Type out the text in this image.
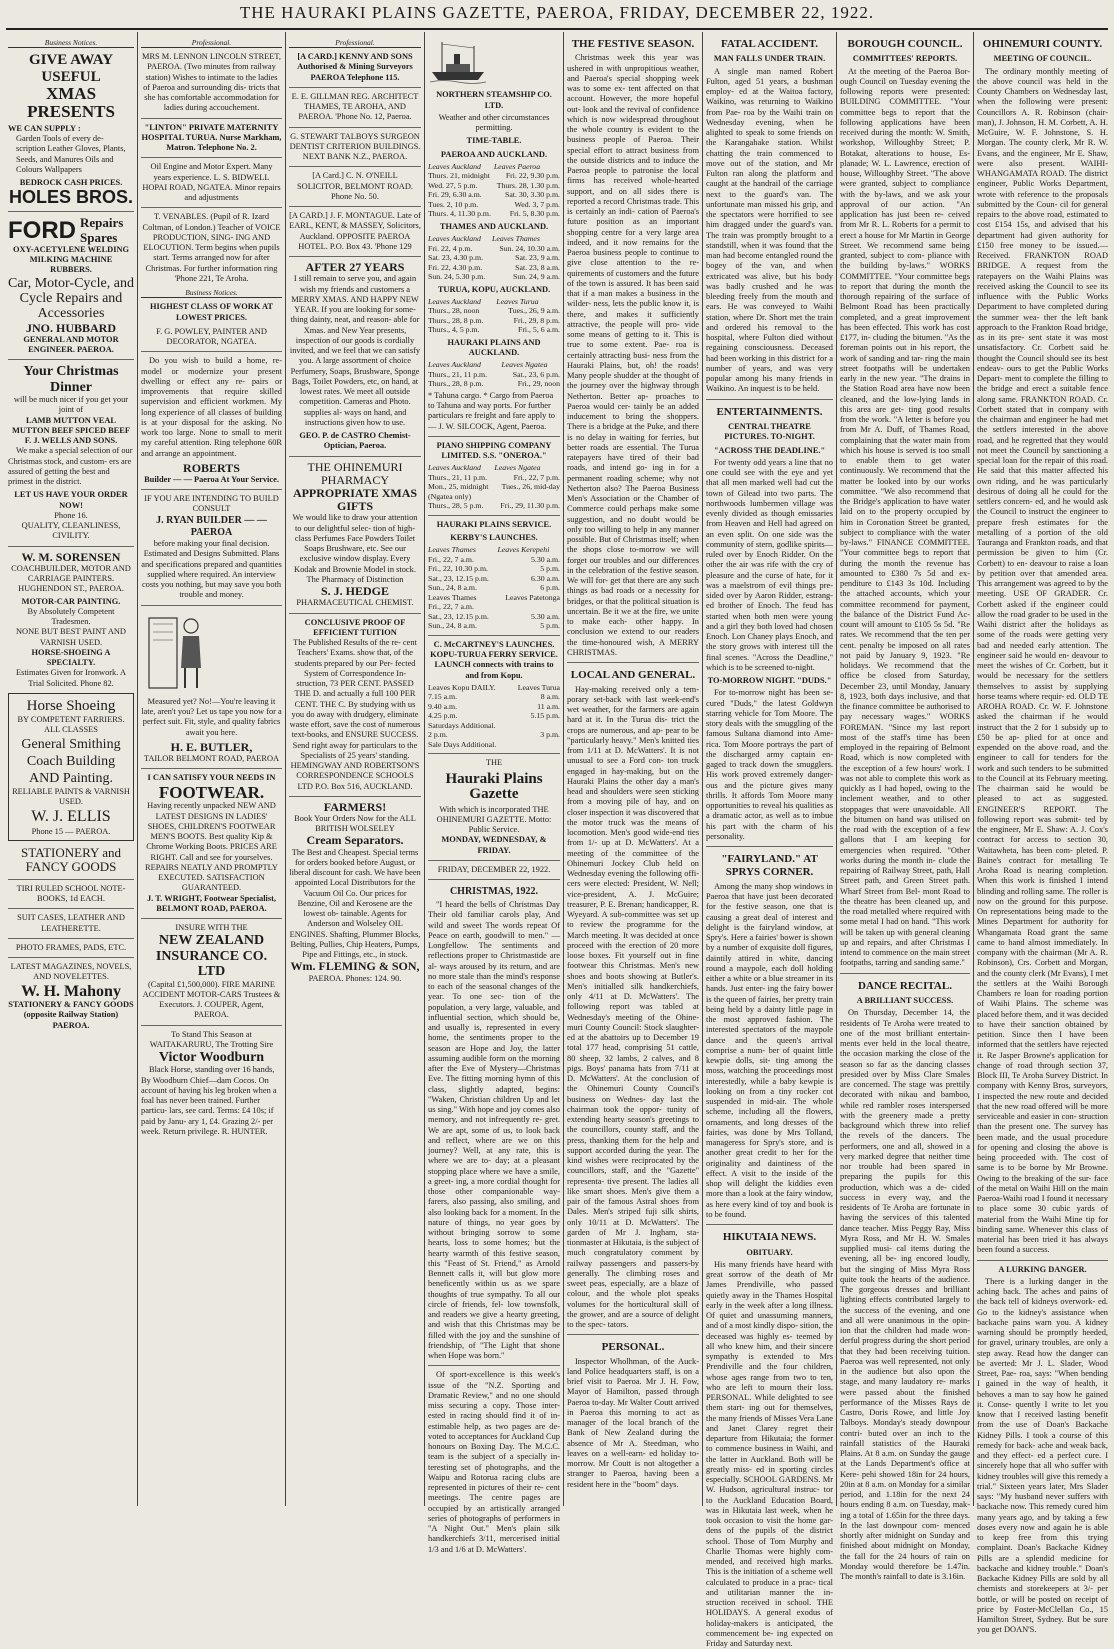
THE HAURAKI PLAINS GAZETTE, PAEROA, FRIDAY, DECEMBER 22, 1922.
Business Notices.
GIVE AWAY
USEFUL
XMAS PRESENTS
WE CAN SUPPLY :
Garden Tools of every de- scription Leather Gloves, Plants, Seeds, and Manures Oils and Colours Wallpapers
BEDROCK CASH PRICES.
HOLES BROS.
FORD Repairs Spares
OXY-ACETYLENE WELDING MILKING MACHINE RUBBERS.
Car, Motor-Cycle, and Cycle Repairs and Accessories
JNO. HUBBARD
GENERAL AND MOTOR ENGINEER. PAEROA.
Your Christmas Dinner
will be much nicer if you get your joint of
LAMB MUTTON VEAL MUTTON BEEF SPICED BEEF
F. J. WELLS AND SONS.

We make a special selection of our Christmas stock, and custom- ers are assured of getting the best and primest in the district.

LET US HAVE YOUR ORDER NOW!
Phone 16.
QUALITY, CLEANLINESS, CIVILITY.
W. M. SORENSEN
COACHBUILDER, MOTOR AND CARRIAGE PAINTERS. HUGHENDON ST., PAEROA.
MOTOR-CAR PAINTING.
By Absolutely Competent Tradesmen.
NONE BUT BEST PAINT AND VARNISH USED.
HORSE-SHOEING A SPECIALTY.
Estimates Given for Ironwork. A Trial Solicited. Phone 82.
Horse Shoeing
BY COMPETENT FARRIERS.
ALL CLASSES
General Smithing
Coach Building AND Painting.
RELIABLE PAINTS & VARNISH USED.
W. J. ELLIS
Phone 15 — PAEROA.
STATIONERY and FANCY GOODS
TIRI RULED SCHOOL NOTE- BOOKS, 1d EACH.
SUIT CASES, LEATHER AND LEATHERETTE.
PHOTO FRAMES, PADS, ETC.
LATEST MAGAZINES, NOVELS, AND NOVELETTES.
W. H. Mahony
STATIONERY & FANCY GOODS (opposite Railway Station) PAEROA.
Professional.
MRS M. LENNON LINCOLN STREET, PAEROA. (Two minutes from railway station) Wishes to intimate to the ladies of Paeroa and surrounding dis- tricts that she has comfortable accommodation for ladies during accouchement.
"LINTON" PRIVATE MATERNITY HOSPITAL TURUA. Nurse Markham, Matron. Telephone No. 2.
Oil Engine and Motor Expert. Many years experience. L. S. BIDWELL HOPAI ROAD, NGATEA. Minor repairs and adjustments
T. VENABLES. (Pupil of R. Izard Coltman, of London.) Teacher of VOICE PRODUCTION, SING- ING AND ELOCUTION. Term begins when pupils start. Terms arranged now for after Christmas. For further information ring 'Phone 221, Te Aroha.
Business Notices.
HIGHEST CLASS OF WORK AT LOWEST PRICES.
F. G. POWLEY, PAINTER AND DECORATOR, NGATEA.

Do you wish to build a home, re- model or modernize your present dwelling or effect any re- pairs or improvements that require skilled supervision and efficient workmen. My long experience of all classes of building is at your disposal for the asking. No work too large. None to small to merit my careful attention. Ring telephone 60R and arrange an appointment.

ROBERTS
Builder — — Paeroa At Your Service.
IF YOU ARE INTENDING TO BUILD CONSULT
J. RYAN BUILDER — — PAEROA
before making your final decision. Estimated and Designs Submitted. Plans and specifications prepared and quantities supplied where required. An interview costs you nothing, but may save you both trouble and money.

Measured yet? No!—You're leaving it late, aren't you? Let us tape you now for a perfect suit. Fit, style, and quality fabrics await you here.

H. E. BUTLER,
TAILOR BELMONT ROAD, PAEROA
I CAN SATISFY YOUR NEEDS IN
FOOTWEAR.
Having recently unpacked NEW AND LATEST DESIGNS IN LADIES' SHOES, CHILDREN'S FOOTWEAR MEN'S BOOTS. Best quality Kip & Chrome Working Boots. PRICES ARE RIGHT. Call and see for yourselves. REPAIRS NEATLY AND PROMPTLY EXECUTED. SATISFACTION GUARANTEED.
J. T. WRIGHT, Footwear Specialist, BELMONT ROAD, PAEROA.
INSURE WITH THE
NEW ZEALAND INSURANCE CO. LTD
(Capital £1,500,000). FIRE MARINE ACCIDENT MOTOR-CARS Trustees & Executors. J. COUPER, Agent, PAEROA.
To Stand This Season at WAITAKARURU, The Trotting Sire
Victor Woodburn

Black Horse, standing over 16 hands, By Woodburn Chief—dam Cocos. On account of having his leg broken when a foal has never been trained. Further particu- lars, see card. Terms: £4 10s; if paid by Janu- ary 1, £4. Grazing 2/- per week. Return privilege. R. HUNTER.

Professional.
[A CARD.] KENNY AND SONS Authorised & Mining Surveyors PAEROA Telephone 115.
E. E. GILLMAN REG. ARCHITECT THAMES, TE AROHA, AND PAEROA. 'Phone No. 12, Paeroa.
G. STEWART TALBOYS SURGEON DENTIST CRITERION BUILDINGS. NEXT BANK N.Z., PAEROA.
[A Card.] C. N. O'NEILL SOLICITOR, BELMONT ROAD. Phone No. 50.
[A CARD.] J. F. MONTAGUE. Late of EARL, KENT, & MASSEY, Solicitors, Auckland. OPPOSITE PAEROA HOTEL. P.O. Box 43. 'Phone 129
AFTER 27 YEARS
I still remain to serve you, and again wish my friends and customers a MERRY XMAS. AND HAPPY NEW YEAR. If you are looking for some- thing dainty, neat, and reason- able for Xmas. and New Year presents, inspection of our goods is cordially invited, and we feel that we can satisfy you. A large assortment of choice Perfumery, Soaps, Brushware, Sponge Bags, Toilet Powders, etc, on hand, at lowest rates. We meet all outside competition. Cameras and Photo. supplies al- ways on hand, and instructions given how to use.
GEO. P. de CASTRO Chemist-Optician, Paeroa.
THE OHINEMURI PHARMACY
APPROPRIATE XMAS GIFTS
We would like to draw your attention to our delightful selec- tion of high-class Perfumes Face Powders Toilet Soaps Brushware, etc. See our exclusive window display. Every Kodak and Brownie Model in stock. The Pharmacy of Distinction
S. J. HEDGE
PHARMACEUTICAL CHEMIST.
CONCLUSIVE PROOF OF EFFICIENT TUITION
The Published Results of the re- cent Teachers' Exams. show that, of the students prepared by our Per- fected System of Correspondence In- struction, 73 PER CENT. PASSED THE D. and actually a full 100 PER CENT. THE C. By studying with us you do away with drudgery, eliminate waste effort, save the cost of numerous text-books, and ENSURE SUCCESS. Send right away for particulars to the Specialists of 25 years' standing. HEMINGWAY AND ROBERTSON'S CORRESPONDENCE SCHOOLS LTD P.O. Box 516, AUCKLAND.
FARMERS!
Book Your Orders Now for the ALL BRITISH WOLSELEY
Cream Separators.
The Best and Cheapest. Special terms for orders booked before August, or liberal discount for cash. We have been appointed Local Distributors for the Vacuum Oil Co. Our prices for Benzine, Oil and Kerosene are the lowest ob- tainable. Agents for Anderson and Wolseley OIL ENGINES. Shafting, Plummer Blocks, Belting, Pullies, Chip Heaters, Pumps, Pipe and Fittings, etc., in stock.
Wm. FLEMING & SON,
PAEROA. Phones: 124. 90.
NORTHERN STEAMSHIP CO. LTD.
Weather and other circumstances permitting.
TIME-TABLE.
PAEROA AND AUCKLAND.
Leaves Auckland	Leaves Paeroa
Thurs. 21, midnight	Fri. 22, 9.30 p.m.
Wed. 27, 5 p.m.	Thurs. 28, 1.30 p.m.
Fri. 29, 6.30 a.m.	Sat. 30, 3.30 p.m.
Tues. 2, 10 p.m.	Wed. 3, 7 p.m.
Thurs. 4, 11.30 p.m.	Fri. 5, 8.30 p.m.
THAMES AND AUCKLAND.
Leaves Auckland	Leaves Thames
Fri. 22, 4 p.m.	Sun. 24, 10.30 a.m.
Sat. 23, 4.30 p.m.	Sat. 23, 9 a.m.
Fri. 22, 4.30 p.m.	Sat. 23, 8 a.m.
Sun. 24, 5.30 p.m.	Sun. 24, 9 a.m.
TURUA, KOPU, AUCKLAND.
Leaves Auckland	Leaves Turua
Thurs., 28, noon	Tues., 26, 9 a.m.
Thurs., 28, 8 p.m.	Fri., 29, 8 p.m.
Thurs., 4, 5 p.m.	Fri., 5, 6 a.m.
HAURAKI PLAINS AND AUCKLAND.
Leaves Auckland	Leaves Ngatea
Thurs., 21, 11 p.m.	Sat., 23, 6 p.m.
Thurs., 28, 8 p.m.	Fri., 29, noon
* Tahuna cargo. * Cargo from Paeroa to Tahuna and way ports. For further particulars re freight and fare apply to— J. W. SILCOCK, Agent, Paeroa.
PIANO SHIPPING COMPANY LIMITED. S.S. "ONEROA."
Leaves Auckland	Leaves Ngatea
Thurs., 21, 11 p.m.	Fri., 22, 7 p.m.
Mon., 25, midnight	Tues., 26, mid-day
(Ngatea only)	
Thurs., 28, 5 p.m.	Fri., 29, 11.30 p.m.
HAURAKI PLAINS SERVICE.
KERBY'S LAUNCHES.
Leaves Thames	Leaves Kerepehi
Fri., 22, 7 a.m.	5.30 a.m.
Fri., 22, 10.30 p.m.	5 p.m.
Sat., 23, 12.15 p.m.	6.30 a.m.
Sun., 24, 8 a.m.	6 p.m.
Leaves Thames	Leaves Patetonga
Fri., 22, 7 a.m.	
Sat., 23, 12.15 p.m.	5.30 a.m.
Sun., 24, 8 a.m.	5 p.m.
C. McCARTNEY'S LAUNCHES. KOPU-TURUA FERRY SERVICE. LAUNCH connects with trains to and from Kopu.
Leaves Kopu DAILY.	Leaves Turua
7.15 a.m.	8 a.m.
9.40 a.m.	11 a.m.
4.25 p.m.	5.15 p.m.
Saturdays Additional.	
2 p.m.	3 p.m.
Sale Days Additional.	
THE
Hauraki Plains Gazette
With which is incorporated THE OHINEMURI GAZETTE. Motto: Public Service.
MONDAY, WEDNESDAY, & FRIDAY.
FRIDAY, DECEMBER 22, 1922.
CHRISTMAS, 1922.

"I heard the bells of Christmas Day Their old familiar carols play, And wild and sweet The words repeat Of Peace on earth, goodwill to men." —Longfellow. The sentiments and reflections proper to Christmastide are al- ways aroused by its return, and are no more stale than the mind's response to each of the seasonal changes of the year. To one sec- tion of the population, a very large, valuable, and influential section, which should be, and usually is, represented in every home, the sentiments proper to the season are Hope and Joy, the latter assuming audible form on the morning after the Eve of Mystery—Christmas Eve. The fitting morning hymn of this class, slightly adapted, begins: "Waken, Christian children Up and let us sing." With hope and joy comes also memory, and not infrequently re- gret. We are apt, some of us, to look back and reflect, where are we on this journey? Well, at any rate, this is where we are to- day; at a pleasant stopping place where we have a smile, a greet- ing, a more cordial thought for those other companionable way- farers, also passing, also smiling, and also looking back for a moment. In the nature of things, no year goes by without bringing sorrow to some hearts, loss to some homes; but the hearty warmth of this festive season, this "Feast of St. Friend," as Arnold Bennett calls it, will but glow more beneficently within us as we spare thoughts of true sympathy. To all our circle of friends, fel- low townsfolk, and readers we give a hearty greeting, and wish that this Christmas may be filled with the joy and the sunshine of friendship, of "The Light that shone when Hope was born."

Of sport-excellence is this week's issue of the "N.Z. Sporting and Dramatic Review," and no one should miss securing a copy. Those inter- ested in racing should find it of in- estimable help, as two pages are de- voted to acceptances for Auckland Cup honours on Boxing Day. The M.C.C. team is the subject of a specially in- teresting set of photographs, and the Waipu and Rotorua racing clubs are represented in pictures of their re- cent meetings. The centre pages are occupied by an artistically arranged series of photographs of performers in "A Night Out." Men's plain silk handkerchiefs 3/11, mercerised initial 1/3 and 1/6 at D. McWatters'.

THE FESTIVE SEASON.

Christmas week this year was ushered in with unpropitious weather, and Paeroa's special shopping week was to some ex- tent affected on that account. However, the more hopeful out- look and the revival of confidence which is now widespread throughout the whole country is evident to the business people of Paeroa. Their special effort to attract business from the outside districts and to induce the Paeroa people to patronise the local firms has received whole-hearted support, and on all sides there is reported a record Christmas trade. This is certainly an indi- cation of Paeroa's future position as an important shopping centre for a very large area indeed, and it now remains for the Paeroa business people to continue to give close attention to the re- quirements of customers and the future of the town is assured. It has been said that if a man makes a business in the wilder- ness, lets the public know it, is there, and makes it sufficiently attractive, the people will pro- vide some means of getting to it. This is true to some extent. Pae- roa is certainly attracting busi- ness from the Hauraki Plains, but, oh! the roads! Many people shudder at the thought of the journey over the highway through Netherton. Better ap- proaches to Paeroa would cer- tainly be an added inducement to bring the shoppers. There is a bridge at the Puke, and there is no delay in waiting for ferries, but better roads are essential. The Turua ratepayers have tired of their bad roads, and intend go- ing in for a permanent roading scheme; why not Netherton also? The Paeroa Business Men's Association or the Chamber of Commerce could perhaps make some suggestion, and no doubt would be only too willing to help in any manner possible. But of Christmas itself; when the shops close to-morrow we will forget our troubles and our differences in the celebration of the festive season. We will for- get that there are any such things as bad roads or a necessity for bridges, or that the political situation is uncertain. Be it we at the fire, we unite to make each- other happy. In conclusion we extend to our readers the time-honoured wish, A MERRY CHRISTMAS.

LOCAL AND GENERAL.

Hay-making received only a tem- porary set-back with last week-end's wet weather, for the farmers are again hard at it. In the Turua dis- trict the crops are numerous, and ap- pear to be "particularly heavy." Men's knitted ties from 1/11 at D. McWatters'. It is not unusual to see a Ford con- ton truck engaged in hay-making, but on the Hauraki Plains the other day a man's head and shoulders were seen sticking from a moving pile of hay, and on closer inspection it was discovered that the motor truck was the means of locomotion. Men's good wide-end ties from 1/- up at D. McWatters'. At a meeting of the committee of the Ohinemuri Jockey Club held on Wednesday evening the following offi- cers were elected: President, W. Nell; vice-president, A. J. McGuire; treasurer, P. E. Brenan; handicapper, R. Wyeyard. A sub-committee was set up to review the programme for the March meeting. It was decided at once proceed with the erection of 20 more loose boxes. Fit yourself out in fine footwear this Christmas. Men's new shoes and boots showing at Butler's. Men's initialled silk handkerchiefs, only 4/11 at D. McWatters'. The following report was tabled at Wednesday's meeting of the Ohine- muri County Council: Stock slaughter- ed at the abattoirs up to December 19 total 177 head, comprising 51 cattle, 80 sheep, 32 lambs, 2 calves, and 8 pigs. Boys' panama hats from 7/11 at D. McWatters'. At the conclusion of the Ohinemuri County Council's business on Wednes- day last the chairman took the oppor- tunity of extending hearty season's greetings to the councillors, county staff, and the press, thanking them for the help and support accorded during the year. The kind wishes were reciprocated by the councillors, staff, and the "Gazette" representa- tive present. The ladies all like smart shoes. Men's give them a pair of the famous Astral shoes from Dales. Men's striped fuji silk shirts, only 10/11 at D. McWatters'. The garden of Mr J. Ingham, sta- tionmaster at Hikutaia, is the subject of much congratulatory comment by railway passengers and passers-by generally. The climbing roses and sweet peas, especially, are a blaze of colour, and the whole plot speaks volumes for the horticultural skill of the grower, and are a source of delight to the spec- tators.

PERSONAL.

Inspector Wholhman, of the Auck- land Police headquarters staff, is on a brief visit to Paeroa. Mr J. H. Fow, Mayor of Hamilton, passed through Paeroa to-day. Mr Walter Coutt arrived in Paeroa this morning to act as manager of the local branch of the Bank of New Zealand during the absence of Mr A. Steedman, who leaves on a well-earn- ed holiday to-morrow. Mr Coutt is not altogether a stranger to Paeroa, having been a resident here in the "boom" days.

FATAL ACCIDENT.
MAN FALLS UNDER TRAIN.

A single man named Robert Fulton, aged 51 years, a bushman employ- ed at the Waitoa factory, Waikino, was returning to Waikino from Pae- roa by the Waihi train on Wednesday evening, when he alighted to speak to some friends on the Karangahake station. Whilst chatting the train commenced to move out of the station, and Mr Fulton ran along the platform and caught at the handrail of the carriage next to the guard's van. The unfortunate man missed his grip, and the spectators were horrified to see him dragged under the guard's van. The train was promptly brought to a standstill, when it was found that the man had become entangled round the bogey of the van, and when extricated was alive, but his body was badly crushed and he was bleeding freely from the mouth and ears. He was conveyed to Waihi station, where Dr. Short met the train and ordered his removal to the hospital, where Fulton died without regaining consciousness. Deceased had been working in this district for a number of years, and was very popular among his many friends in Waikino. An inquest is to be held.

ENTERTAINMENTS.
CENTRAL THEATRE PICTURES. TO-NIGHT.
"ACROSS THE DEADLINE."

For twenty odd years a line that no one could see with the eye and yet that all men marked well had cut the town of Gilead into two parts. The northwoods lumbermen village was evenly divided as though emissaries from Heaven and Hell had agreed on an even split. On one side was the community of stern, godlike spirits—ruled over by Enoch Ridder. On the other the air was rife with the cry of pleasure and the curse of hate, for it was a maelstrom of evil things pre- sided over by Aaron Ridder, estrang- ed brother of Enoch. The feud has started when both men were young and a girl they both loved had chosen Enoch. Lon Chaney plays Enoch, and the story grows with interest till the final scenes. "Across the Deadline," which is to be screened to-night.

TO-MORROW NIGHT. "DUDS."

For to-morrow night has been se- cured "Duds," the latest Goldwyn starring vehicle for Tom Moore. The story deals with the smuggling of the famous Sultana diamond into Ame- rica. Tom Moore portrays the part of the discharged army captain en- gaged to track down the smugglers. His work proved extremely danger- ous and the picture gives many thrills. It affords Tom Moore many opportunities to reveal his qualities as a dramatic actor, as well as to imbue his part with the charm of his personality.

"FAIRYLAND." AT SPRYS CORNER.

Among the many shop windows in Paeroa that have just been decorated for the festive season, one that is causing a great deal of interest and delight is the fairyland window, at Spry's. Here a fairies' bower is shown by a number of exquisite doll figures, daintily attired in white, dancing round a maypole, each doll holding either a white or a blue streamer in its hands. Just enter- ing the fairy bower is the queen of fairies, her pretty train being held by a dainty little page in the most approved fashion. The interested spectators of the maypole dance and the queen's arrival comprise a num- ber of quaint little kewpie dolls, sit- ting among the moss, watching the proceedings most interestedly, while a baby kewpie is looking on from a tiny rocker cot suspended in mid-air. The whole scheme, including all the flowers, ornaments, and long dresses of the fairies, was done by Mrs Tolland, manageress for Spry's store, and is another great credit to her for the originality and daintiness of the effect. A visit to the inside of the shop will delight the kiddies even more than a look at the fairy window, as here every kind of toy and book is to be found.

HIKUTAIA NEWS.
OBITUARY.

His many friends have heard with great sorrow of the death of Mr James Prendiville, who passed quietly away in the Thames Hospital early in the week after a long illness. Of quiet and unassuming manners, and of a most kindly dispo- sition, the deceased was highly es- teemed by all who knew him, and their sincere sympathy is extended to Mrs Prendiville and the four children, whose ages range from two to ten, who are left to mourn their loss. PERSONAL. While delighted to see them start- ing out for themselves, the many friends of Misses Vera Lane and Janet Clarey regret their departure from Hikutaia; the former to commence business in Waihi, and the latter in Auckland. Both will be greatly miss- ed in sporting circles especially. SCHOOL GARDENS. Mr W. Hudson, agricultural instruc- tor to the Auckland Education Board, was in Hikutaia last week, when he took occasion to visit the home gar- dens of the pupils of the district school. Those of Tom Murphy and Charlie Thomas were highly com- mended, and received high marks. This is the initiation of a scheme well calculated to produce in a prac- tical and utilitarian manner the in- struction received in school. THE HOLIDAYS. A general exodus of holiday-makers is anticipated, the commencement be- ing expected on Friday and Saturday next.

BOROUGH COUNCIL.
COMMITTEES' REPORTS.

At the meeting of the Paeroa Bor- ough Council on Tuesday evening the following reports were presented: BUILDING COMMITTEE. "Your committee begs to report that the following applications have been received during the month: W. Smith, workshop, Willoughby Street; P. Botakat, alterations to house, Es- planade; W. L. Lawrence, erection of house, Willoughby Street. "The above were granted, subject to compliance with the by-laws, and we ask your approval of our action. "An application has just been re- ceived from Mr R. L. Roberts for a permit to erect a house for Mr Martin in George Street. We recommend same being granted, subject to com- pliance with the building by-laws." WORKS COMMITTEE. "Your committee begs to report that during the month the thorough repairing of the surface of Belmont Road has been practically completed, and a great improvement has been effected. This work has cost £177, in- cluding the bitumen. "As the foreman points out in his report, the work of sanding and tar- ring the main street footpaths will be undertaken early in the new year. "The drains in the Station Road area have now been cleaned, and the low-lying lands in this area are get- ting good results from the work. "A letter is before you from Mr A. Duff, of Thames Road, complaining that the water main from which his house is served is too small to enable them to get water continuously. We recommend that the matter be looked into by our works committee. "We also recommend that the Bridge's application to have water laid on to the property occupied by him in Coronation Street be granted, subject to compliance with the water by-laws." FINANCE COMMITTEE. "Your committee begs to report that during the month the revenue has amounted to £380 7s 5d and ex- penditure to £143 3s 10d. Including the attached accounts, which your committee recommend for payment, the balance of the District Fund Ac- count will amount to £105 5s 5d. "Re rates. We recommend that the ten per cent. penalty be imposed on all rates not paid by January 9, 1923. "Re holidays. We recommend that the office be closed from Saturday, December 23, until Monday, January 8, 1923, both days inclusive, and that the finance committee be authorised to pay necessary wages." WORKS FOREMAN. "Since my last report most of the staff's time has been employed in the repairing of Belmont Road, which is now completed with the exception of a few hours' work. I was not able to complete this work as quickly as I had hoped, owing to the inclement weather, and to other stoppages that were unavoidable. All the bitumen on hand was utilised on the road with the exception of a few gallons that I am keeping for emergencies when required. "Other works during the month in- clude the repairing of Railway Street, path, Hall Street path, and Green Street path. Wharf Street from Bel- mont Road to the theatre has been cleaned up, and the road metalled where required with some metal I had on hand. "This work will be taken up with general cleaning up and repairs, and after Christmas I intend to commence on the main street footpaths, tarring and sanding same."

DANCE RECITAL.
A BRILLIANT SUCCESS.

On Thursday, December 14, the residents of Te Aroha were treated to one of the most brilliant entertain- ments ever held in the local theatre, the occasion marking the close of the season so far as the dancing classes presided over by Miss Clare Smales are concerned. The stage was prettily decorated with nikau and bamboo, while red rambler roses interspersed with the greenery made a pretty background which threw into relief the revels of the dancers. The performers, one and all, showed in a very marked degree that neither time nor trouble had been spared in preparing the pupils for this production, which was a de- cided success in every way, and the residents of Te Aroha are fortunate in having the services of this talented dance teacher. Miss Peggy Ray, Miss Myra Ross, and Mr H. W. Smales supplied musi- cal items during the evening, all be- ing encored loudly, but the singing of Miss Myra Ross quite took the hearts of the audience. The gorgeous dresses and brilliant lighting effects contributed largely to the success of the evening, and one and all were unanimous in the opin- ion that the children had made won- derful progress during the short period that they had been receiving tuition. Paeroa was well represented, not only in the audience but also upon the stage, and many laudatory re- marks were passed about the finished performance of the Misses Rays de Castro, Doris Rowe, and little Joy Talboys. Monday's steady downpour contri- buted over an inch to the rainfall statistics of the Hauraki Plains. At 8 a.m. on Sunday the gauge at the Lands Department's office at Kere- pehi showed 18in for 24 hours, 20in at 8 a.m. on Monday for a similar period, and 1.18in for the next 24 hours ending 8 a.m. on Tuesday, mak- ing a total of 1.65in for the three days. In the last downpour com- menced shortly after midnight on Sunday and finished about midnight on Monday, the fall for the 24 hours of rain on Monday would therefore be 1.47in. The month's rainfall to date is 3.16in.

OHINEMURI COUNTY.
MEETING OF COUNCIL.

The ordinary monthly meeting of the above council was held in the County Chambers on Wednesday last, when the following were present: Councillors A. R. Robinson (chair- man), J. Johnson, H. M. Corbett, A. H. McGuire, W. F. Johnstone, S. H. Morgan. The county clerk, Mr R. W. Evans, and the engineer, Mr E. Shaw, were also present. WAIHI-WHANGAMATA ROAD. The district engineer, Public Works Department, wrote with reference to the proposals submitted by the Coun- cil for general repairs to the above road, estimated to cost £154 15s, and advised that his department had given authority for £150 free money to be issued.—Received. FRANKTON ROAD BRIDGE. A request from the ratepayers on the Waihi Plains was received asking the Council to see its influence with the Public Works Department to have completed during the summer wea- ther the left bank approach to the Frankton Road bridge, as in its pre- sent state it was most unsatisfactory. Cr. Corbett said he thought the Council should see its best endeav- ours to get the Public Works Depart- ment to complete the filling to the bridge and erect a suitable fence along same. FRANKTON ROAD. Cr. Corbett stated that in company with the chairman and engineer he had met the settlers interested in the above road, and he regretted that they would not meet the Council by sanctioning a special loan for the repair of this road. He said that this matter affected his own riding, and he was particularly desirous of doing all he could for the settlers concern- ed, and he would ask the Council to instruct the engineer to prepare fresh estimates for the metalling of a portion of the old Tauranga and Frankton roads, and that permission be given to him (Cr. Corbett) to en- deavour to raise a loan by petition over that amended area. This arrangement was agreed to by the meeting. USE OF GRADER. Cr. Corbett asked if the engineer could allow the road grader to be used in the Waihi district after the holidays as some of the roads were getting very bad and needed early attention. The engineer said he would en- deavour to meet the wishes of Cr. Corbett, but it would be necessary for the settlers themselves to assist by supplying horse teams where requir- ed. OLD TE AROHA ROAD. Cr. W. F. Johnstone asked the chairman if he would instruct that the 2 for 1 subsidy up to £50 be ap- plied for at once and expended on the above road, and the engineer to call for tenders for the work and such tenders to be submitted to the Council at its February meeting. The chairman said he would be pleased to act as suggested. ENGINEER'S REPORT. The following report was submit- ted by the engineer, Mr E. Shaw: A. J. Cox's contract for access to section 30, Waitawheta, has been com- pleted. P. Baine's contract for metalling Te Aroha Road is nearing completion. When this work is finished I intend blinding and rolling same. The roller is now on the ground for this purpose. On representations being made to the Mines Department for authority for Whangamata Road grant the same came to hand almost immediately. In company with the chairman (Mr A. R. Robinson), Crs. Corbett and Morgan, and the county clerk (Mr Evans), I met the settlers at the Waihi Borough Chambers re loan for roading portion of Waihi Plains. The scheme was placed before them, and it was decided to have their sanction obtained by petition. Since then I have been informed that the settlers have rejected it. Re Jasper Browne's application for change of road through section 37, Block III, Te Aroha Survey District. In company with Kenny Bros, surveyors, I inspected the new route and decided that the new road offered will be more serviceable and easier in con- struction than the present one. The survey has been made, and the usual procedure for opening and closing the above is being proceeded with. The cost of same is to be borne by Mr Browne. Owing to the breaking of the sur- face of the metal on Waihi Hill on the main Paeroa-Waihi road I found it necessary to place some 30 cubic yards of material from the Waihi Mine tip for binding same. Whenever this class of material has been tried it has always been found a success.

A LURKING DANGER.

There is a lurking danger in the aching back. The aches and pains of the back tell of kidneys overwork- ed. Go to the kidney's assistance when backache pains warn you. A kidney warning should be promptly heeded, for gravel, urinary troubles, are only a step away. Read how the danger can be averted: Mr J. L. Slader, Wood Street, Pae- roa, says: "When bending I gained in the way of health, it behoves a man to say how he gained it. Conse- quently I write to let you know that I received lasting benefit from the use of Doan's Backache Kidney Pills. I took a course of this remedy for back- ache and weak back, and they effect- ed a perfect cure. I sincerely hope that all who suffer with kidney troubles will give this remedy a trial." Sixteen years later, Mrs Slader says: "My husband never suffers with backache now. This remedy cured him many years ago, and by taking a few doses every now and again he is able to keep free from this trying complaint. Doan's Backache Kidney Pills are a splendid medicine for backache and kidney trouble." Doan's Backache Kidney Pills are sold by all chemists and storekeepers at 3/- per bottle, or will be posted on receipt of price by Foster-McClellan Co., 15 Hamilton Street, Sydney. But be sure you get DOAN'S.
